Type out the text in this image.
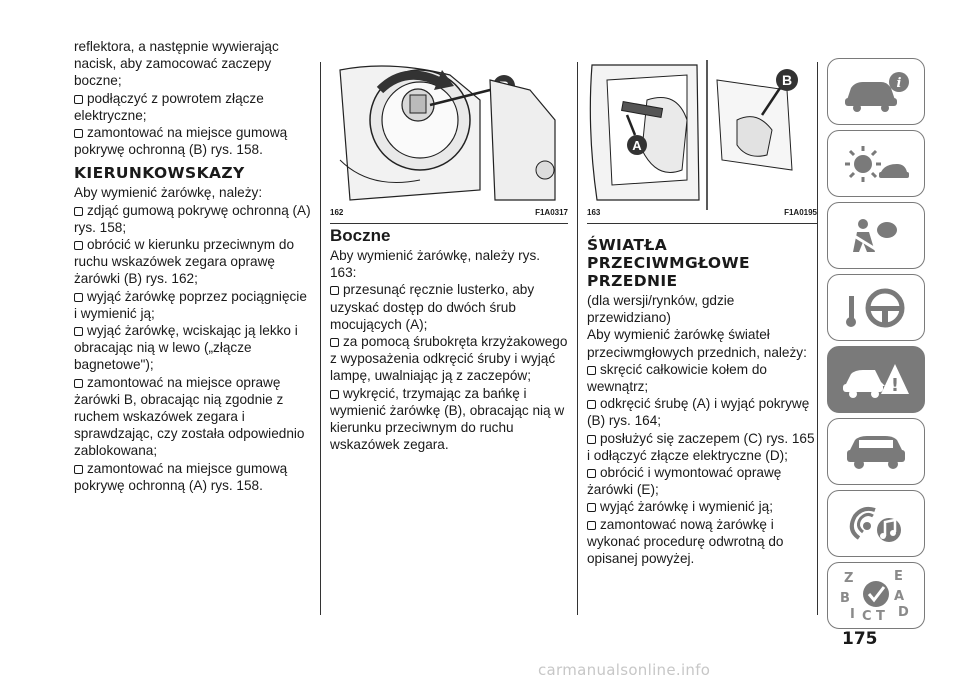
reflektora, a następnie wywierając nacisk, aby zamocować zaczepy boczne;

podłączyć z powrotem złącze elektryczne;

zamontować na miejsce gumową pokrywę ochronną (B) rys. 158.

KIERUNKOWSKAZY

Aby wymienić żarówkę, należy:

zdjąć gumową pokrywę ochronną (A) rys. 158;

obrócić w kierunku przeciwnym do ruchu wskazówek zegara oprawę żarówki (B) rys. 162;

wyjąć żarówkę poprzez pociągnięcie i wymienić ją;

wyjąć żarówkę, wciskając ją lekko i obracając nią w lewo („złącze bagnetowe");

zamontować na miejsce oprawę żarówki B, obracając nią zgodnie z ruchem wskazówek zegara i sprawdzając, czy została odpowiednio zablokowana;

zamontować na miejsce gumową pokrywę ochronną (A) rys. 158.

162	F1A0317
Boczne

Aby wymienić żarówkę, należy rys. 163:

przesunąć ręcznie lusterko, aby uzyskać dostęp do dwóch śrub mocujących (A);

za pomocą śrubokręta krzyżakowego z wyposażenia odkręcić śruby i wyjąć lampę, uwalniając ją z zaczepów;

wykręcić, trzymając za bańkę i wymienić żarówkę (B), obracając nią w kierunku przeciwnym do ruchu wskazówek zegara.

A
B
163	F1A0195
ŚWIATŁA PRZECIWMGŁOWE PRZEDNIE

(dla wersji/rynków, gdzie przewidziano)

Aby wymienić żarówkę świateł przeciwmgłowych przednich, należy:

skręcić całkowicie kołem do wewnątrz;

odkręcić śrubę (A) i wyjąć pokrywę (B) rys. 164;

posłużyć się zaczepem (C) rys. 165 i odłączyć złącze elektryczne (D);

obrócić i wymontować oprawę żarówki (E);

wyjąć żarówkę i wymienić ją;

zamontować nową żarówkę i wykonać procedurę odwrotną do opisanej powyżej.

i
!
Z	E
B	A
I C T D
175
carmanualsonline.info
